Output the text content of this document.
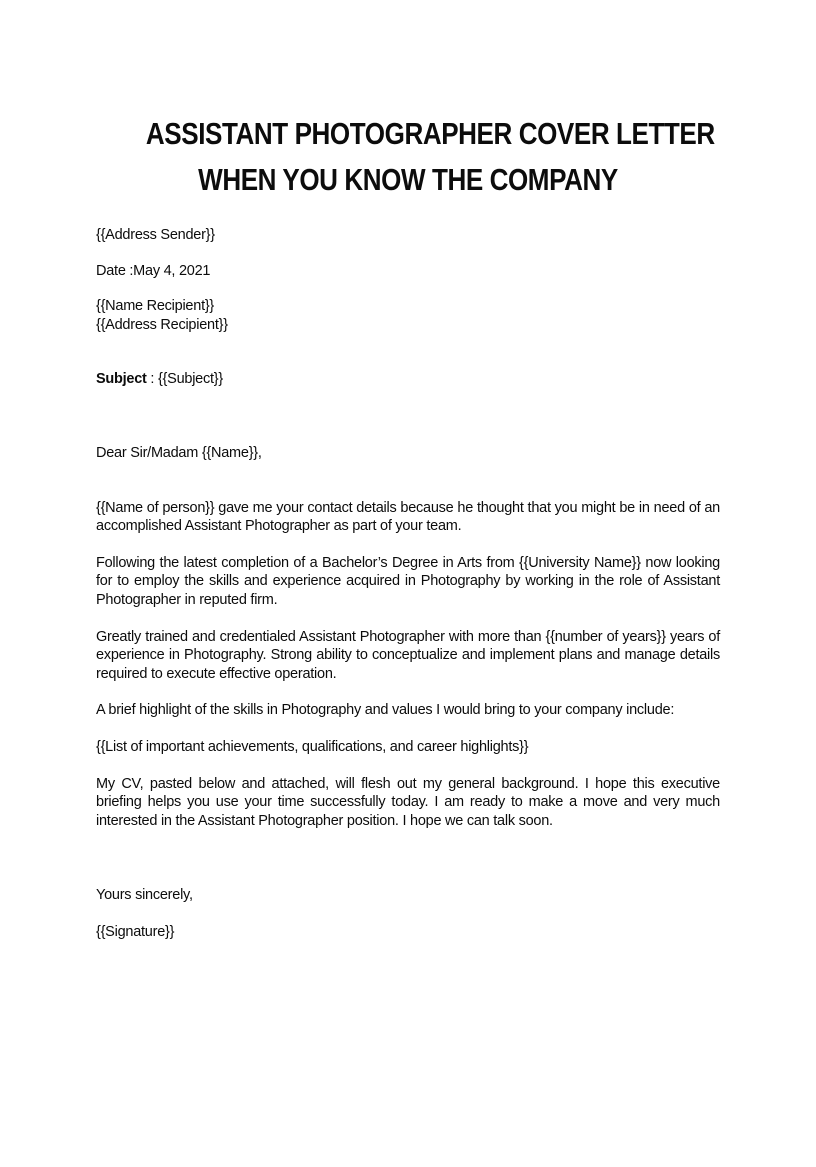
ASSISTANT PHOTOGRAPHER COVER LETTER
WHEN YOU KNOW THE COMPANY

{{Address Sender}}

Date :May 4, 2021

{{Name Recipient}}
{{Address Recipient}}

Subject : {{Subject}}

Dear Sir/Madam {{Name}},

{{Name of person}} gave me your contact details because he thought that you might be in need of an accomplished Assistant Photographer as part of your team.

Following the latest completion of a Bachelor’s Degree in Arts from {{University Name}} now looking for to employ the skills and experience acquired in Photography by working in the role of Assistant Photographer in reputed firm.

Greatly trained and credentialed Assistant Photographer with more than {{number of years}} years of experience in Photography. Strong ability to conceptualize and implement plans and manage details required to execute effective operation.

A brief highlight of the skills in Photography and values I would bring to your company include:

{{List of important achievements, qualifications, and career highlights}}

My CV, pasted below and attached, will flesh out my general background. I hope this executive briefing helps you use your time successfully today. I am ready to make a move and very much interested in the Assistant Photographer position. I hope we can talk soon.

Yours sincerely,

{{Signature}}
